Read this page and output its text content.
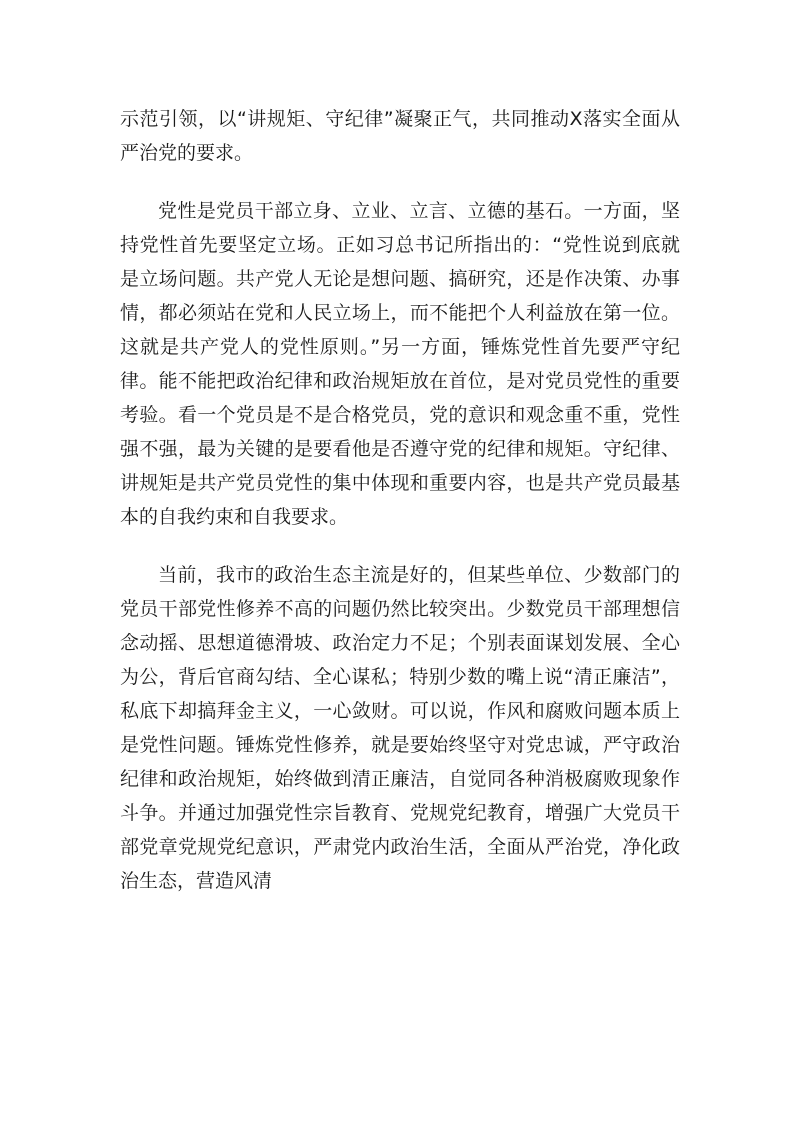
示范引领，以“讲规矩、守纪律”凝聚正气，共同推动X落实全面从严治党的要求。

党性是党员干部立身、立业、立言、立德的基石。一方面，坚持党性首先要坚定立场。正如习总书记所指出的：“党性说到底就是立场问题。共产党人无论是想问题、搞研究，还是作决策、办事情，都必须站在党和人民立场上，而不能把个人利益放在第一位。这就是共产党人的党性原则。”另一方面，锤炼党性首先要严守纪律。能不能把政治纪律和政治规矩放在首位，是对党员党性的重要考验。看一个党员是不是合格党员，党的意识和观念重不重，党性强不强，最为关键的是要看他是否遵守党的纪律和规矩。守纪律、讲规矩是共产党员党性的集中体现和重要内容，也是共产党员最基本的自我约束和自我要求。

当前，我市的政治生态主流是好的，但某些单位、少数部门的党员干部党性修养不高的问题仍然比较突出。少数党员干部理想信念动摇、思想道德滑坡、政治定力不足；个别表面谋划发展、全心为公，背后官商勾结、全心谋私；特别少数的嘴上说“清正廉洁”，私底下却搞拜金主义，一心敛财。可以说，作风和腐败问题本质上是党性问题。锤炼党性修养，就是要始终坚守对党忠诚，严守政治纪律和政治规矩，始终做到清正廉洁，自觉同各种消极腐败现象作斗争。并通过加强党性宗旨教育、党规党纪教育，增强广大党员干部党章党规党纪意识，严肃党内政治生活，全面从严治党，净化政治生态，营造风清
